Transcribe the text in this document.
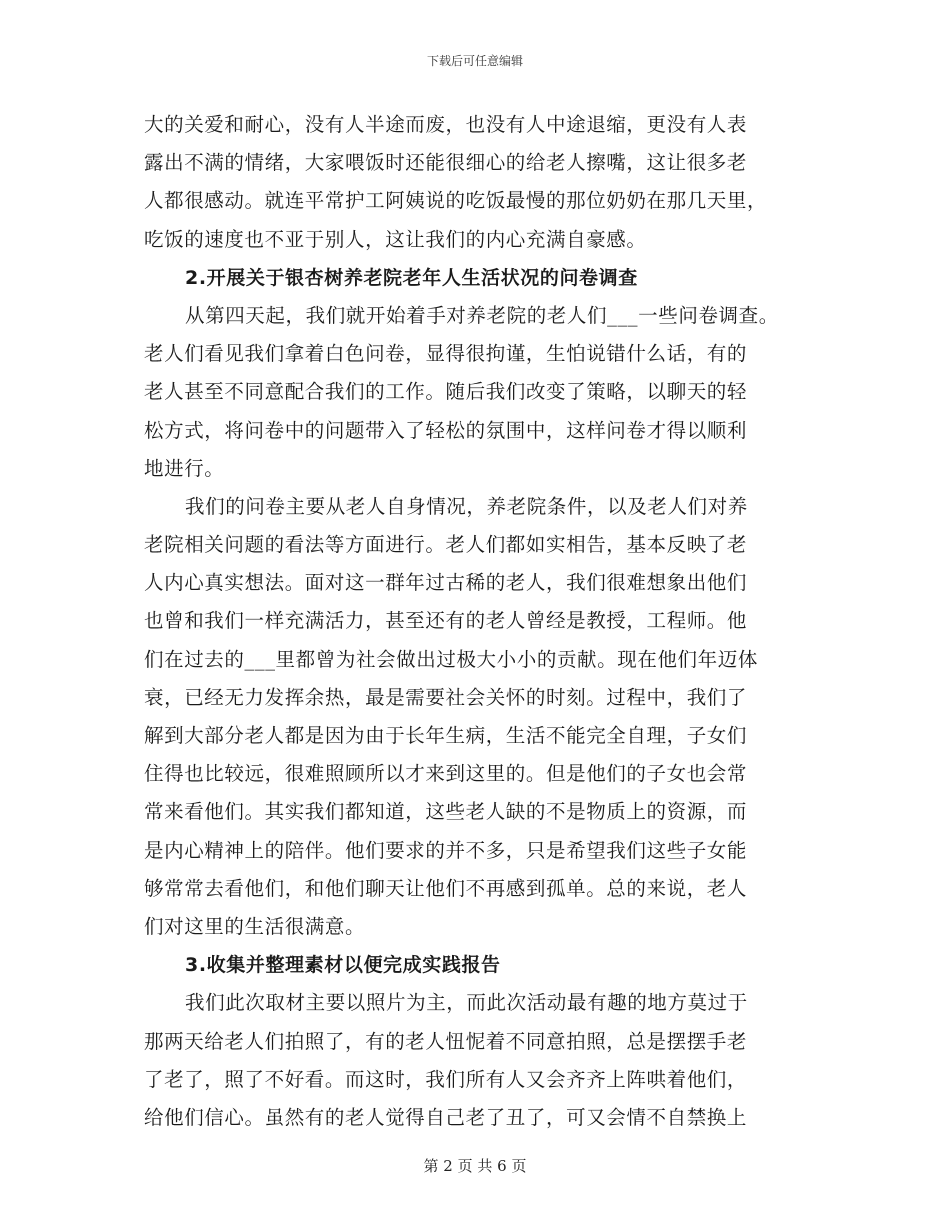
下载后可任意编辑
大的关爱和耐心，没有人半途而废，也没有人中途退缩，更没有人表
露出不满的情绪，大家喂饭时还能很细心的给老人擦嘴，这让很多老
人都很感动。就连平常护工阿姨说的吃饭最慢的那位奶奶在那几天里，
吃饭的速度也不亚于别人，这让我们的内心充满自豪感。
2.开展关于银杏树养老院老年人生活状况的问卷调查
从第四天起，我们就开始着手对养老院的老人们___一些问卷调查。
老人们看见我们拿着白色问卷，显得很拘谨，生怕说错什么话，有的
老人甚至不同意配合我们的工作。随后我们改变了策略，以聊天的轻
松方式，将问卷中的问题带入了轻松的氛围中，这样问卷才得以顺利
地进行。
我们的问卷主要从老人自身情况，养老院条件，以及老人们对养
老院相关问题的看法等方面进行。老人们都如实相告，基本反映了老
人内心真实想法。面对这一群年过古稀的老人，我们很难想象出他们
也曾和我们一样充满活力，甚至还有的老人曾经是教授，工程师。他
们在过去的___里都曾为社会做出过极大小小的贡献。现在他们年迈体
衰，已经无力发挥余热，最是需要社会关怀的时刻。过程中，我们了
解到大部分老人都是因为由于长年生病，生活不能完全自理，子女们
住得也比较远，很难照顾所以才来到这里的。但是他们的子女也会常
常来看他们。其实我们都知道，这些老人缺的不是物质上的资源，而
是内心精神上的陪伴。他们要求的并不多，只是希望我们这些子女能
够常常去看他们，和他们聊天让他们不再感到孤单。总的来说，老人
们对这里的生活很满意。
3.收集并整理素材以便完成实践报告
我们此次取材主要以照片为主，而此次活动最有趣的地方莫过于
那两天给老人们拍照了，有的老人忸怩着不同意拍照，总是摆摆手老
了老了，照了不好看。而这时，我们所有人又会齐齐上阵哄着他们，
给他们信心。虽然有的老人觉得自己老了丑了，可又会情不自禁换上
第 2 页 共 6 页
